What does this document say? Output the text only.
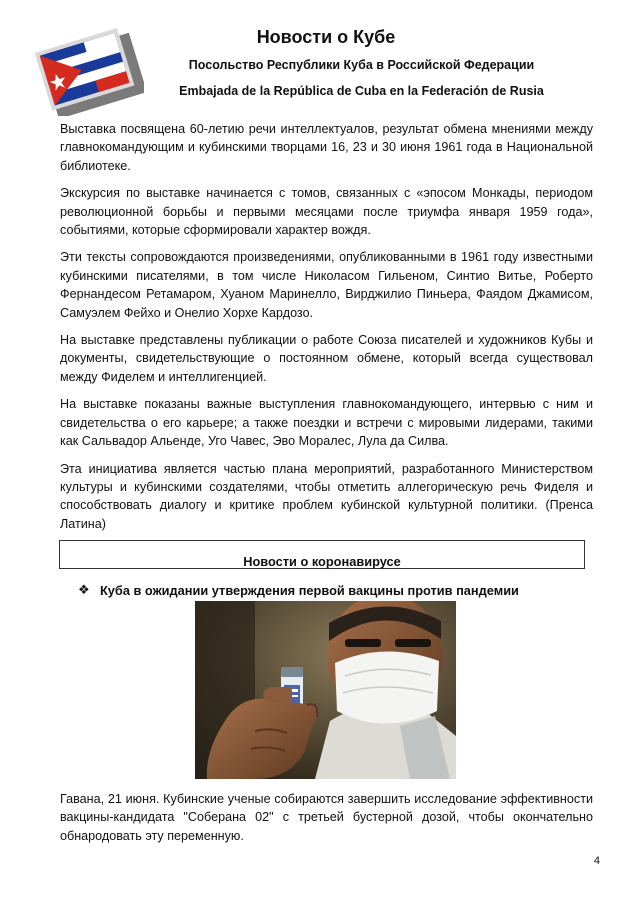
Новости о Кубе
Посольство Республики Куба в Российской Федерации
Embajada de la República de Cuba en la Federación de Rusia

Выставка посвящена 60-летию речи интеллектуалов, результат обмена мнениями между главнокомандующим и кубинскими творцами 16, 23 и 30 июня 1961 года в Национальной библиотеке.

Экскурсия по выставке начинается с томов, связанных с «эпосом Монкады, периодом революционной борьбы и первыми месяцами после триумфа января 1959 года», событиями, которые сформировали характер вождя.

Эти тексты сопровождаются произведениями, опубликованными в 1961 году известными кубинскими писателями, в том числе Николасом Гильеном, Синтио Витье, Роберто Фернандесом Ретамаром, Хуаном Маринелло, Вирджилио Пиньера, Фаядом Джамисом, Самуэлем Фейхо и Онелио Хорхе Кардозо.

На выставке представлены публикации о работе Союза писателей и художников Кубы и документы, свидетельствующие о постоянном обмене, который всегда существовал между Фиделем и интеллигенцией.

На выставке показаны важные выступления главнокомандующего, интервью с ним и свидетельства о его карьере; а также поездки и встречи с мировыми лидерами, такими как Сальвадор Альенде, Уго Чавес, Эво Моралес, Лула да Силва.

Эта инициатива является частью плана мероприятий, разработанного Министерством культуры и кубинскими создателями, чтобы отметить аллегорическую речь Фиделя и способствовать диалогу и критике проблем кубинской культурной политики. (Пренса Латина)

Новости о коронавирусе
❖ Куба в ожидании утверждения первой вакцины против пандемии

Гавана, 21 июня. Кубинские ученые собираются завершить исследование эффективности вакцины-кандидата "Соберана 02" с третьей бустерной дозой, чтобы окончательно обнародовать эту переменную.

4
